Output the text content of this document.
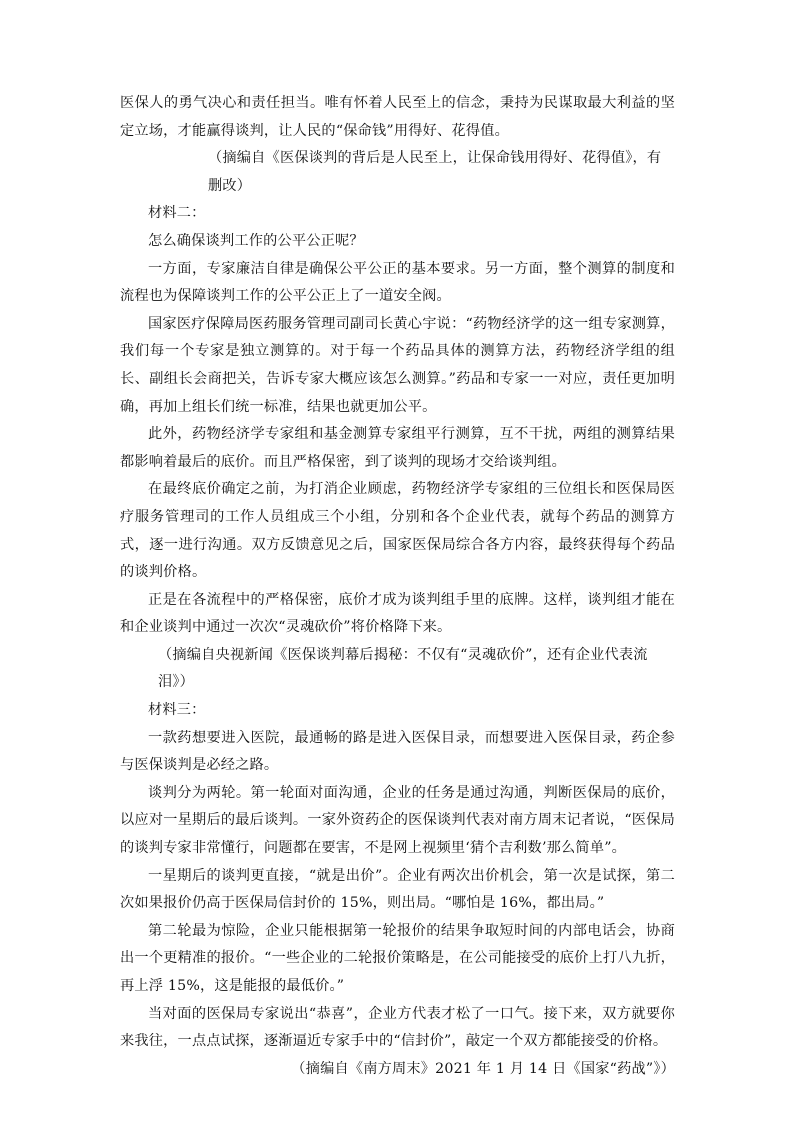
医保人的勇气决心和责任担当。唯有怀着人民至上的信念，秉持为民谋取最大利益的坚定立场，才能赢得谈判，让人民的“保命钱”用得好、花得值。

（摘编自《医保谈判的背后是人民至上，让保命钱用得好、花得值》，有删改）

材料二：

怎么确保谈判工作的公平公正呢？

一方面，专家廉洁自律是确保公平公正的基本要求。另一方面，整个测算的制度和流程也为保障谈判工作的公平公正上了一道安全阀。

国家医疗保障局医药服务管理司副司长黄心宇说：“药物经济学的这一组专家测算，我们每一个专家是独立测算的。对于每一个药品具体的测算方法，药物经济学组的组长、副组长会商把关，告诉专家大概应该怎么测算。”药品和专家一一对应，责任更加明确，再加上组长们统一标准，结果也就更加公平。

此外，药物经济学专家组和基金测算专家组平行测算，互不干扰，两组的测算结果都影响着最后的底价。而且严格保密，到了谈判的现场才交给谈判组。

在最终底价确定之前，为打消企业顾虑，药物经济学专家组的三位组长和医保局医疗服务管理司的工作人员组成三个小组，分别和各个企业代表，就每个药品的测算方式，逐一进行沟通。双方反馈意见之后，国家医保局综合各方内容，最终获得每个药品的谈判价格。

正是在各流程中的严格保密，底价才成为谈判组手里的底牌。这样，谈判组才能在和企业谈判中通过一次次“灵魂砍价”将价格降下来。

（摘编自央视新闻《医保谈判幕后揭秘：不仅有“灵魂砍价”，还有企业代表流泪》）

材料三：

一款药想要进入医院，最通畅的路是进入医保目录，而想要进入医保目录，药企参与医保谈判是必经之路。

谈判分为两轮。第一轮面对面沟通，企业的任务是通过沟通，判断医保局的底价，以应对一星期后的最后谈判。一家外资药企的医保谈判代表对南方周末记者说，“医保局的谈判专家非常懂行，问题都在要害，不是网上视频里‘猜个吉利数’那么简单”。

一星期后的谈判更直接，“就是出价”。企业有两次出价机会，第一次是试探，第二次如果报价仍高于医保局信封价的 15%，则出局。“哪怕是 16%，都出局。”

第二轮最为惊险，企业只能根据第一轮报价的结果争取短时间的内部电话会，协商出一个更精准的报价。“一些企业的二轮报价策略是，在公司能接受的底价上打八九折，再上浮 15%，这是能报的最低价。”

当对面的医保局专家说出“恭喜”，企业方代表才松了一口气。接下来，双方就要你来我往，一点点试探，逐渐逼近专家手中的“信封价”，敲定一个双方都能接受的价格。

（摘编自《南方周末》2021 年 1 月 14 日《国家“药战”》）
